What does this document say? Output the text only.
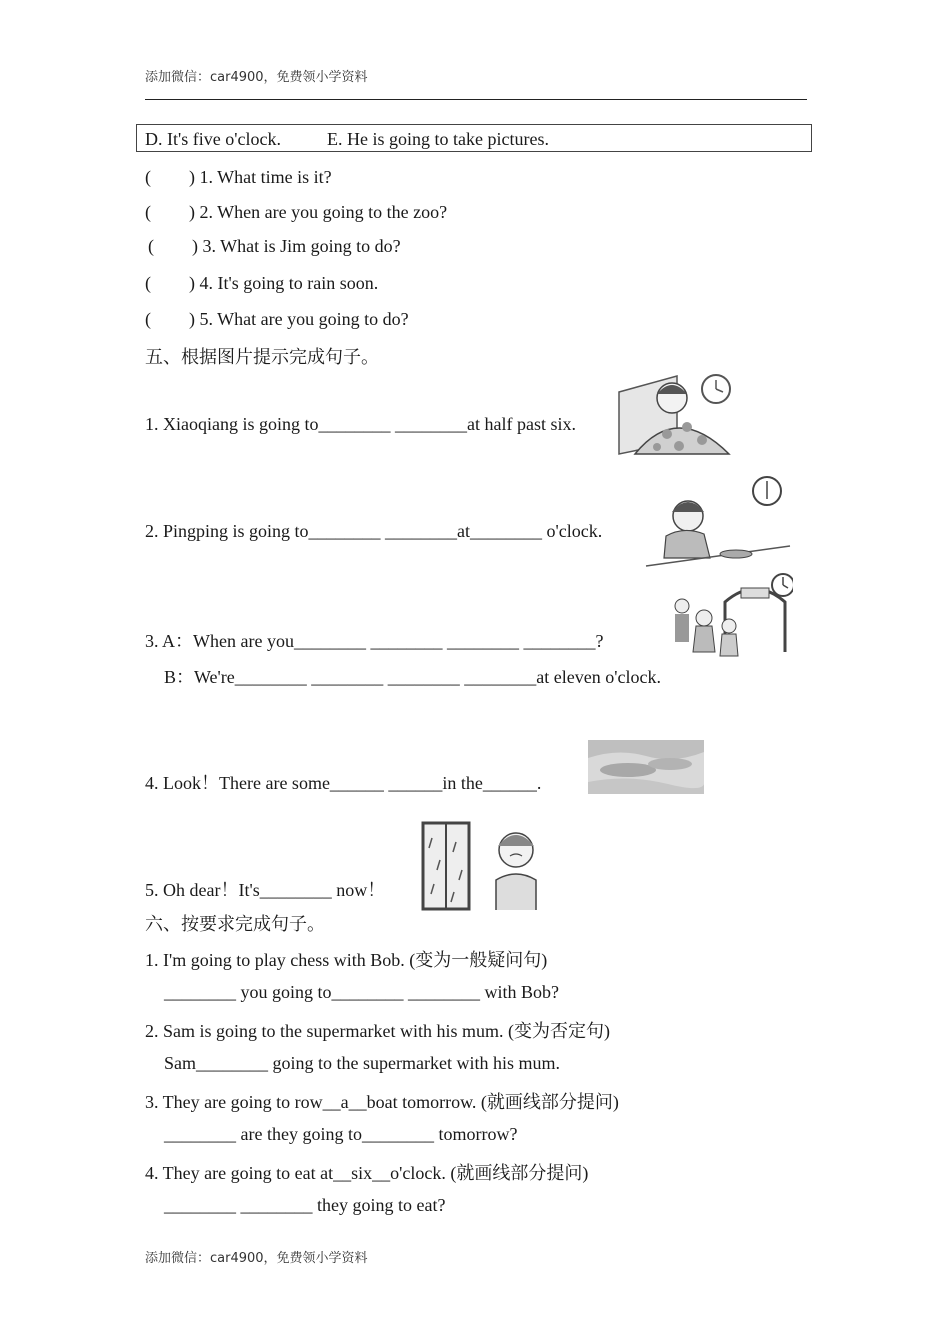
添加微信：car4900，免费领小学资料
D. It's five o'clock.	E. He is going to take pictures.
( ) 1. What time is it?
( ) 2. When are you going to the zoo?
( ) 3. What is Jim going to do?
( ) 4. It's going to rain soon.
( ) 5. What are you going to do?
五、根据图片提示完成句子。
1. Xiaoqiang is going to________ ________at half past six.
2. Pingping is going to________ ________at________ o'clock.
3. A：When are you________ ________ ________ ________?
B：We're________ ________ ________ ________at eleven o'clock.
4. Look！There are some______ ______in the______.
5. Oh dear！It's________ now！
六、按要求完成句子。
1. I'm going to play chess with Bob. (变为一般疑问句)
________ you going to________ ________ with Bob?
2. Sam is going to the supermarket with his mum. (变为否定句)
Sam________ going to the supermarket with his mum.
3. They are going to row__a__boat tomorrow. (就画线部分提问)
________ are they going to________ tomorrow?
4. They are going to eat at__six__o'clock. (就画线部分提问)
________ ________ they going to eat?
添加微信：car4900，免费领小学资料
